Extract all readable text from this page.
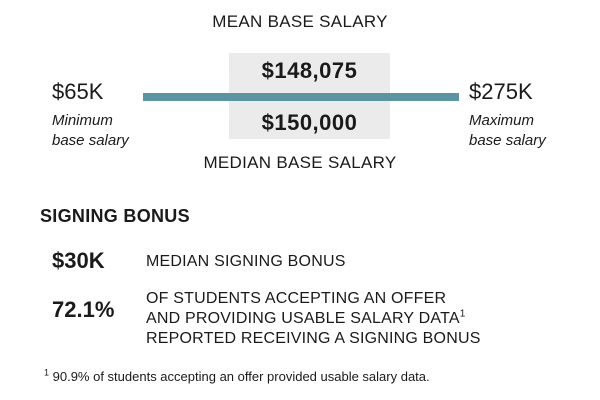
MEAN BASE SALARY
$148,075
$150,000
MEDIAN BASE SALARY
$65K
Minimum
base salary
$275K
Maximum
base salary
SIGNING BONUS
$30K	MEDIAN SIGNING BONUS
72.1% OF STUDENTS ACCEPTING AN OFFER
AND PROVIDING USABLE SALARY DATA$^1$
REPORTED RECEIVING A SIGNING BONUS
$^1$ 90.9% of students accepting an offer provided usable salary data.
